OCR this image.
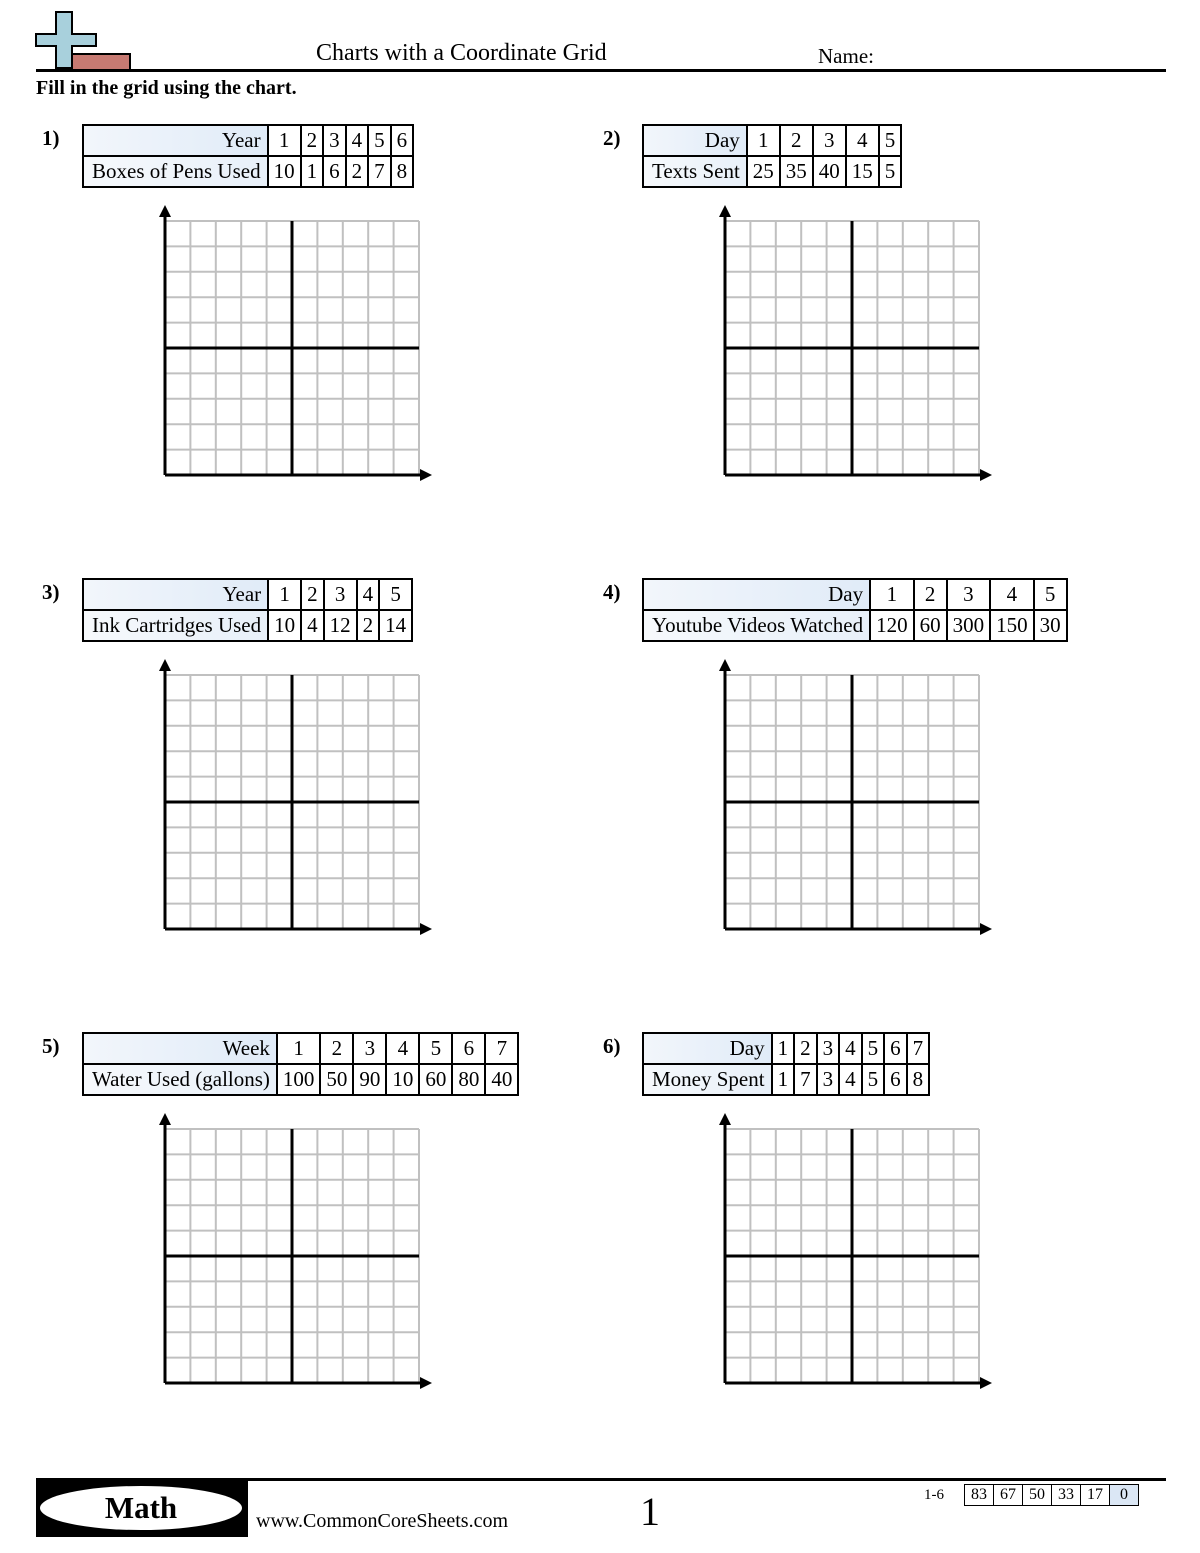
Charts with a Coordinate Grid	Name:
Fill in the grid using the chart.
1)	Year	1	2	3	4	5	6
Boxes of Pens Used	10	1	6	2	7	8
2)	Day	1	2	3	4	5
Texts Sent	25	35	40	15	5
3)	Year	1	2	3	4	5
Ink Cartridges Used	10	4	12	2	14
4)	Day	1	2	3	4	5
Youtube Videos Watched	120	60	300	150	30
5)	Week	1	2	3	4	5	6	7
Water Used (gallons)	100	50	90	10	60	80	40
6)	Day	1	2	3	4	5	6	7
Money Spent	1	7	3	4	5	6	8
Math	www.CommonCoreSheets.com	1	1-6 83	67	50	33	17	0
